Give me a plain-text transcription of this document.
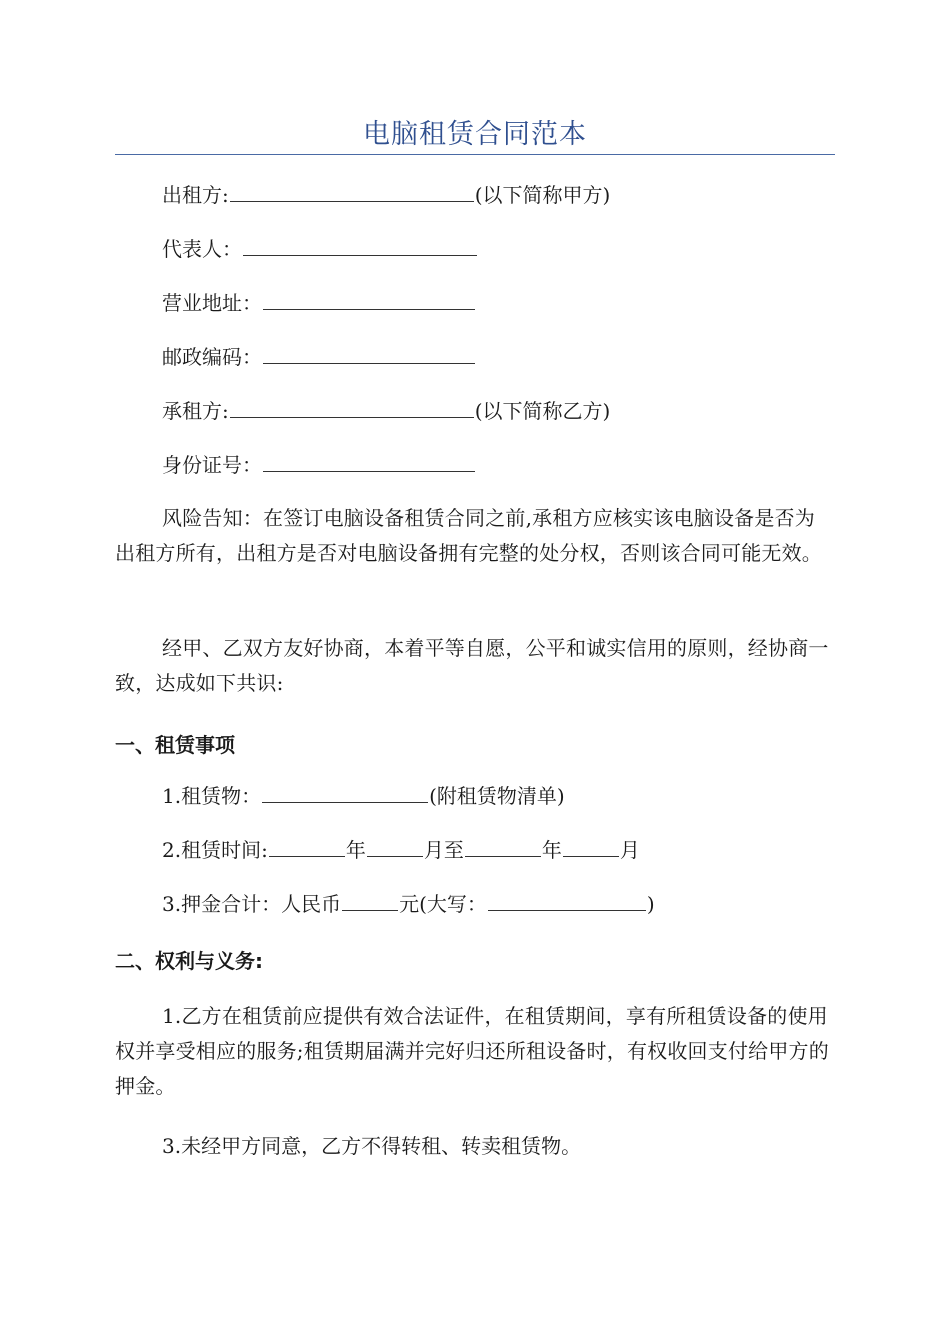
电脑租赁合同范本
出租方:	(以下简称甲方)
代表人：
营业地址：
邮政编码：
承租方:	(以下简称乙方)
身份证号：
风险告知：在签订电脑设备租赁合同之前,承租方应核实该电脑设备是否为出租方所有，出租方是否对电脑设备拥有完整的处分权，否则该合同可能无效。
经甲、乙双方友好协商，本着平等自愿，公平和诚实信用的原则，经协商一致，达成如下共识:
一、租赁事项
1.租赁物：	(附租赁物清单)
2.租赁时间:	年	月至	年	月
3.押金合计：人民币	元(大写：	)
二、权利与义务:
1.乙方在租赁前应提供有效合法证件，在租赁期间，享有所租赁设备的使用权并享受相应的服务;租赁期届满并完好归还所租设备时，有权收回支付给甲方的押金。
3.未经甲方同意，乙方不得转租、转卖租赁物。
